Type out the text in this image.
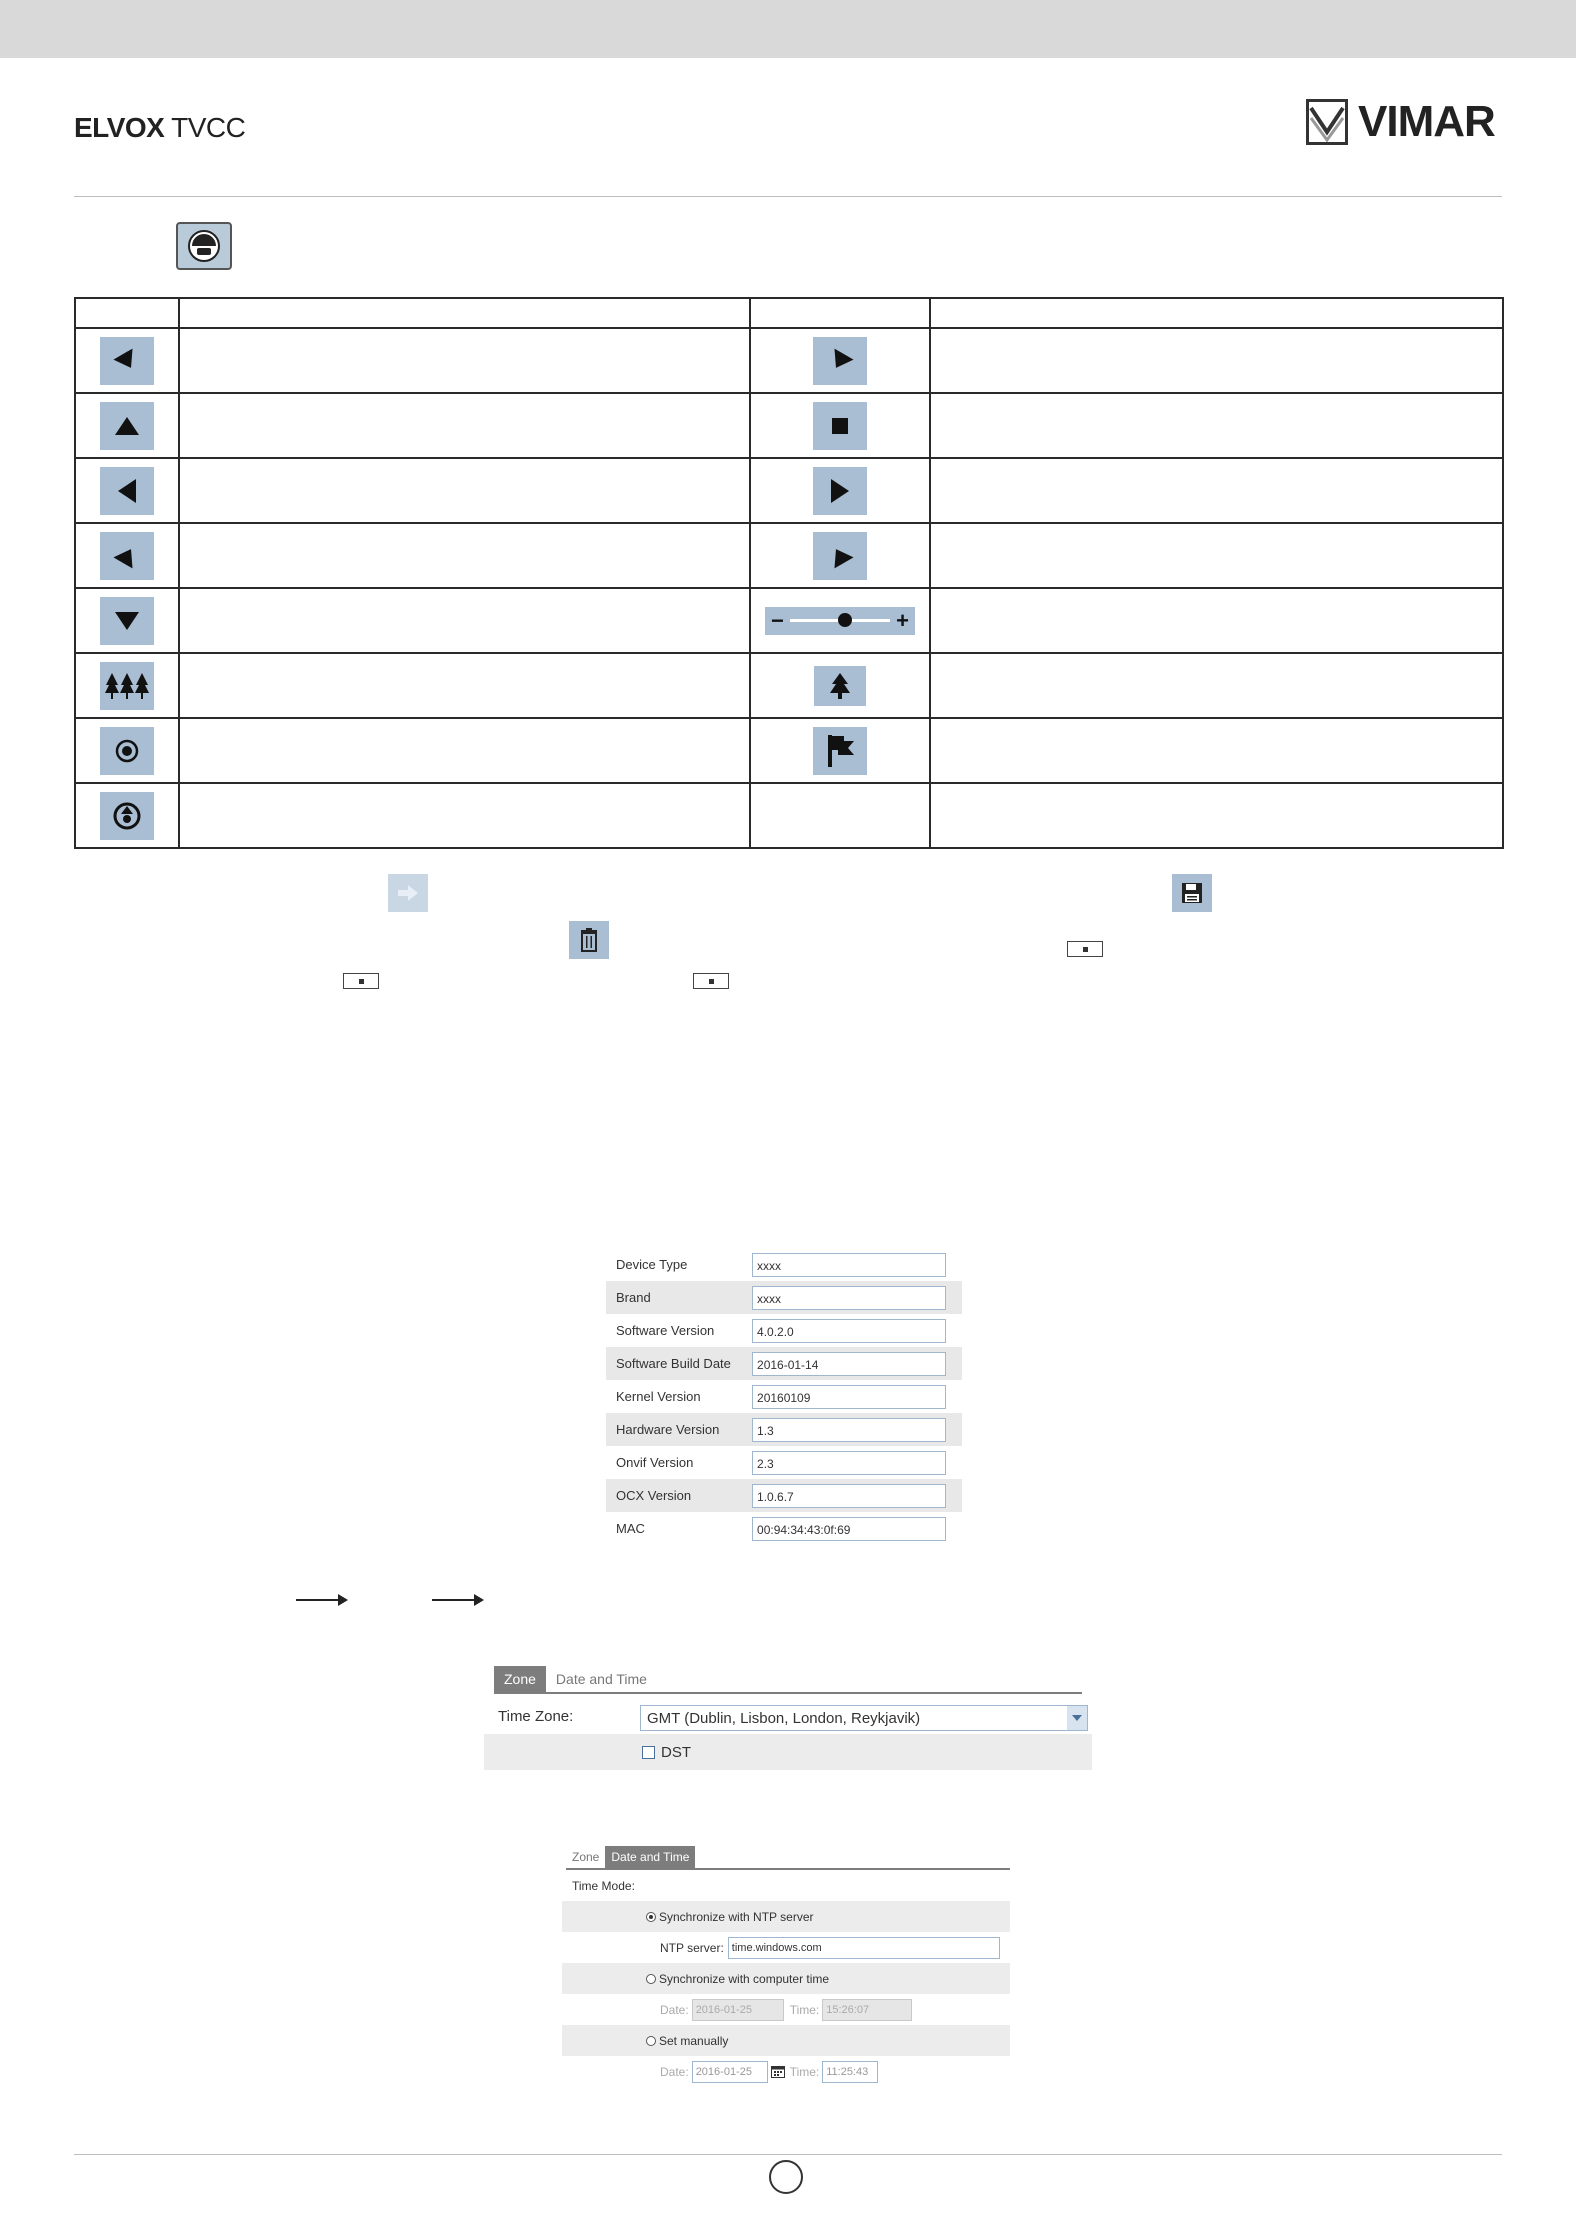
ELVOX TVCC	VIMAR

		− +	

Device Type	xxxx

Brand	xxxx

Software Version	4.0.2.0

Software Build Date	2016-01-14

Kernel Version	20160109

Hardware Version	1.3

Onvif Version	2.3

OCX Version	1.0.6.7

MAC	00:94:34:43:0f:69
Zone	Date and Time
Time Zone:	GMT (Dublin, Lisbon, London, Reykjavik)
DST
Zone	Date and Time
Time Mode:
Synchronize with NTP server
NTP server: time.windows.com
Synchronize with computer time
Date: 2016-01-25	Time: 15:26:07
Set manually
Date: 2016-01-25	Time: 11:25:43
